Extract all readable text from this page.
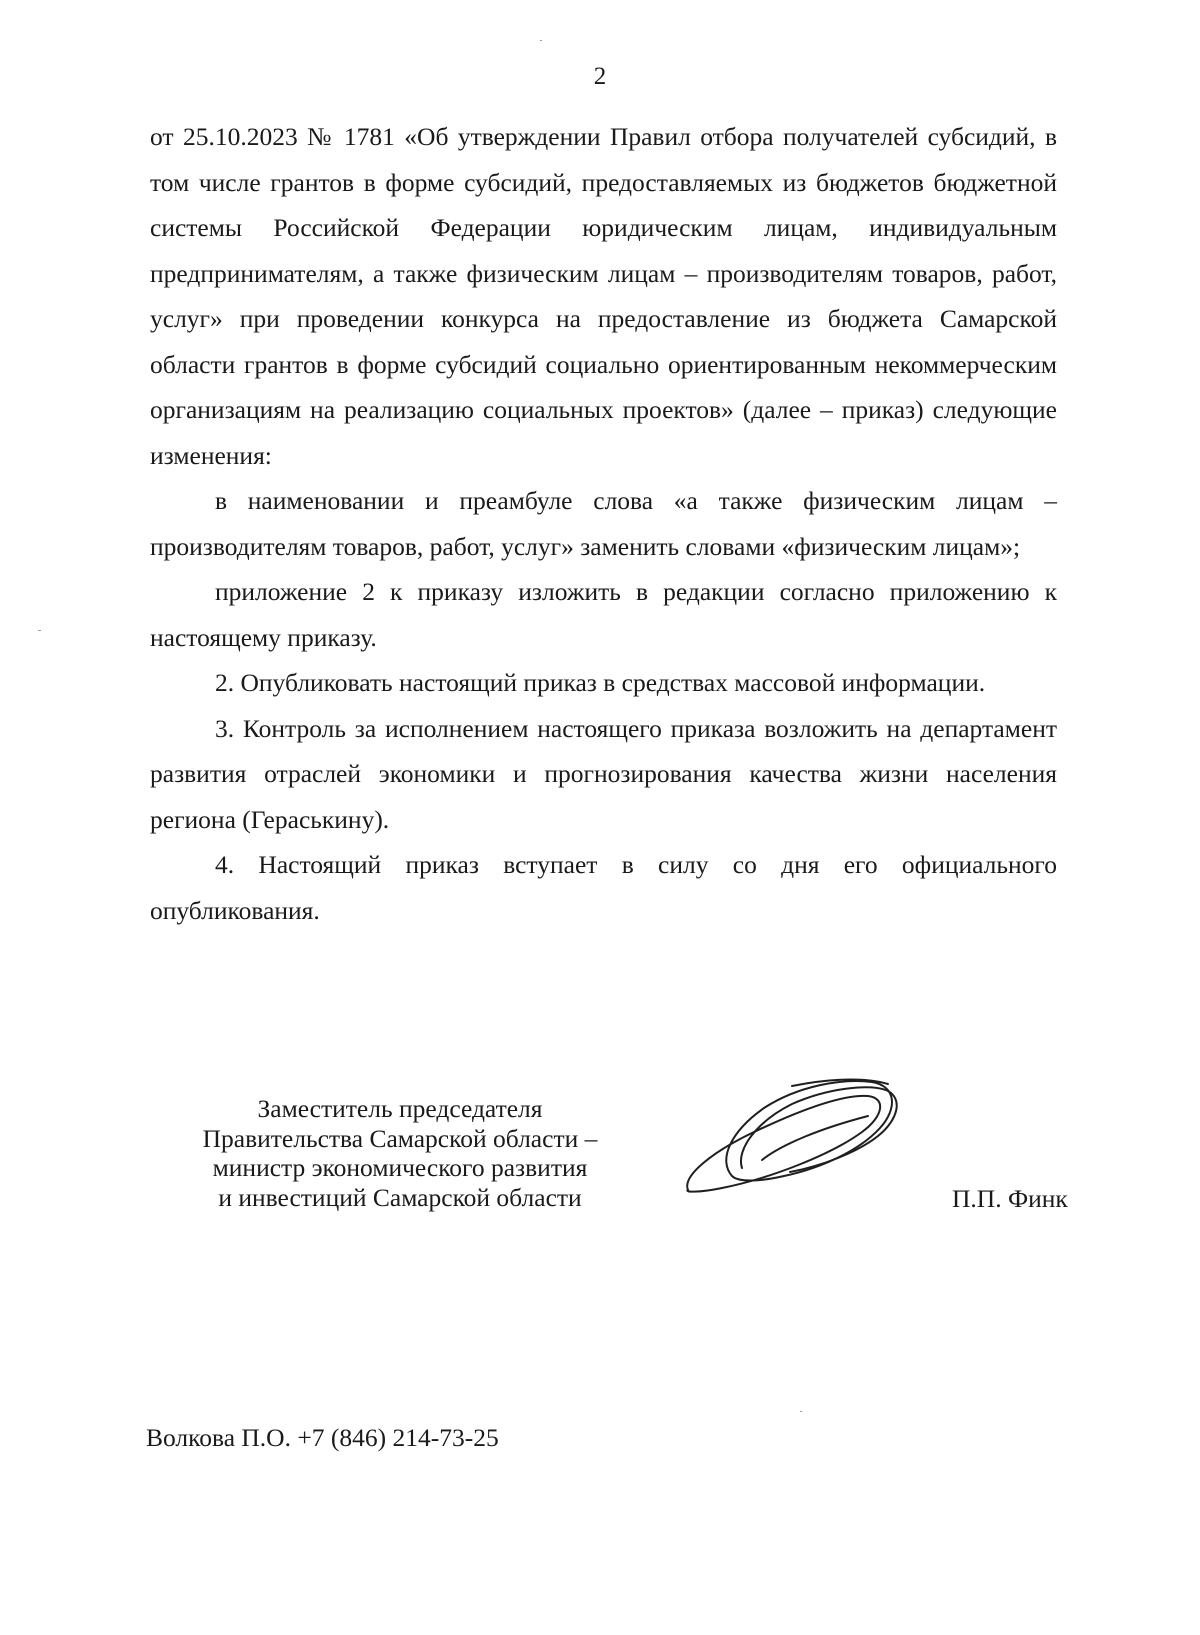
2

от 25.10.2023 № 1781 «Об утверждении Правил отбора получателей субсидий, в том числе грантов в форме субсидий, предоставляемых из бюджетов бюджетной системы Российской Федерации юридическим лицам, индивидуальным предпринимателям, а также физическим лицам – производителям товаров, работ, услуг» при проведении конкурса на предоставление из бюджета Самарской области грантов в форме субсидий социально ориентированным некоммерческим организациям на реализацию социальных проектов» (далее – приказ) следующие изменения:

в наименовании и преамбуле слова «а также физическим лицам – производителям товаров, работ, услуг» заменить словами «физическим лицам»;

приложение 2 к приказу изложить в редакции согласно приложению к настоящему приказу.

2. Опубликовать настоящий приказ в средствах массовой информации.

3. Контроль за исполнением настоящего приказа возложить на департамент развития отраслей экономики и прогнозирования качества жизни населения региона (Гераськину).

4. Настоящий приказ вступает в силу со дня его официального опубликования.

Заместитель председателя
Правительства Самарской области –
министр экономического развития
и инвестиций Самарской области	П.П. Финк
Волкова П.О. +7 (846) 214-73-25
